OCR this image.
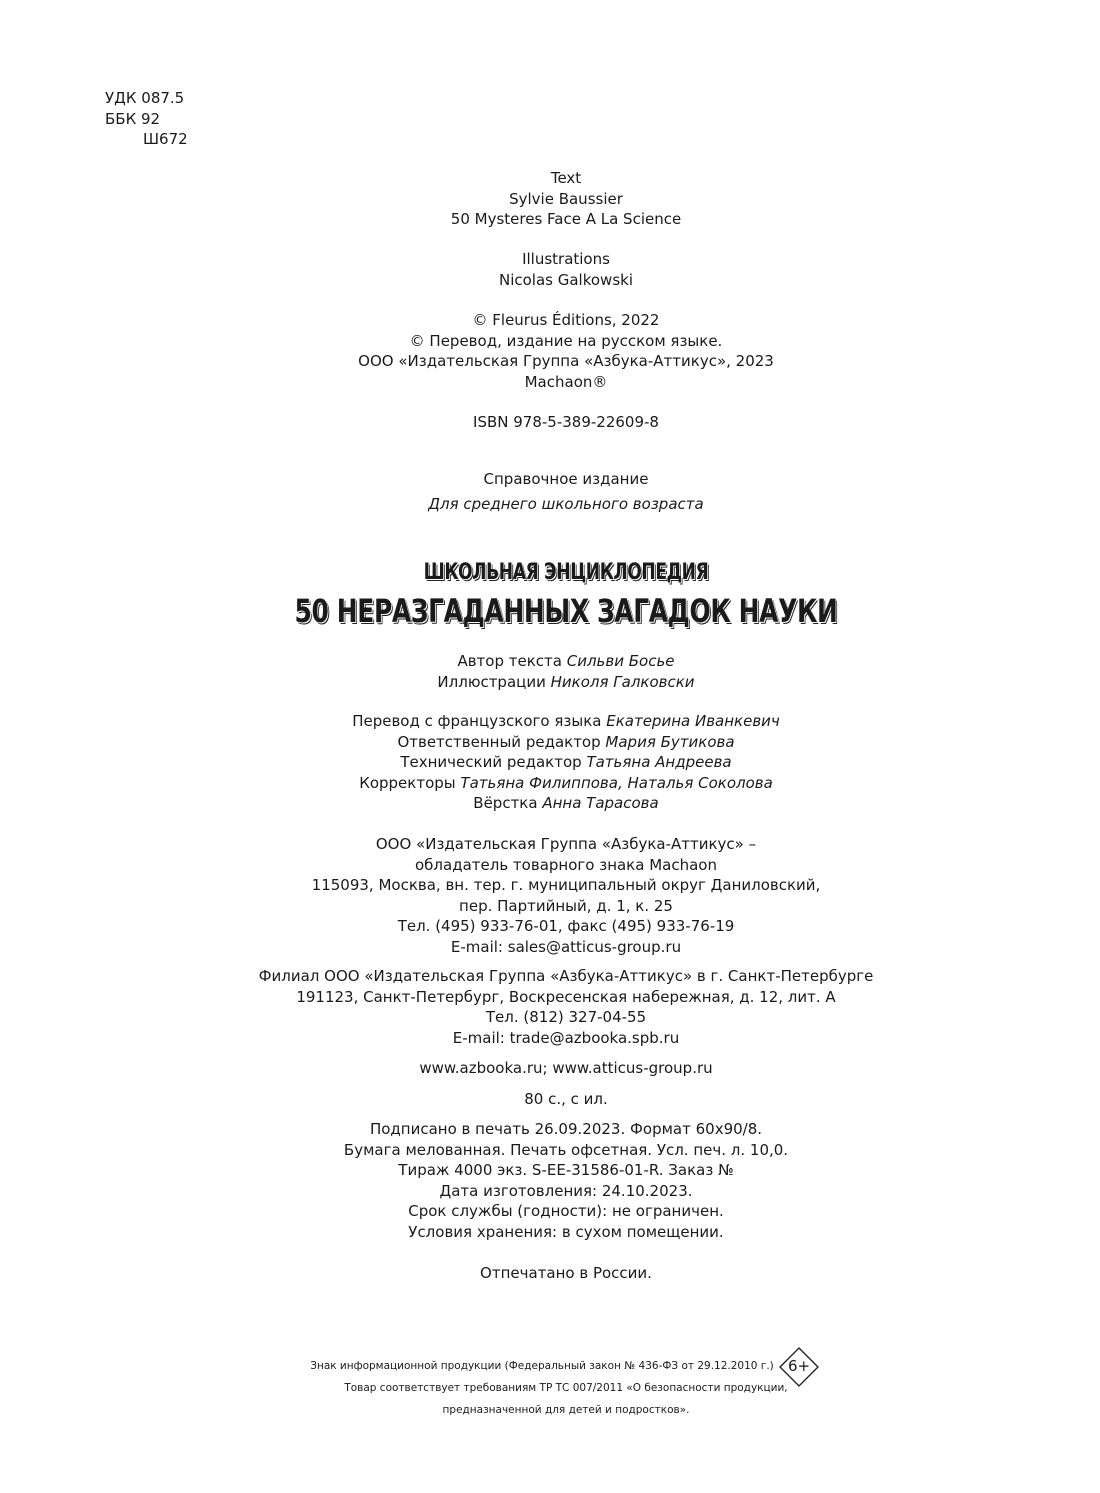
УДК 087.5
ББК 92
Ш672
Text
Sylvie Baussier
50 Mysteres Face A La Science
Illustrations
Nicolas Galkowski
© Fleurus Éditions, 2022
© Перевод, издание на русском языке.
ООО «Издательская Группа «Азбука-Аттикус», 2023
Machaon®
ISBN 978-5-389-22609-8
Справочное издание
Для среднего школьного возраста
ШКОЛЬНАЯ ЭНЦИКЛОПЕДИЯ
50 НЕРАЗГАДАННЫХ ЗАГАДОК НАУКИ
Автор текста Сильви Босье
Иллюстрации Николя Галковски
Перевод с французского языка Екатерина Иванкевич
Ответственный редактор Мария Бутикова
Технический редактор Татьяна Андреева
Корректоры Татьяна Филиппова, Наталья Соколова
Вёрстка Анна Тарасова
ООО «Издательская Группа «Азбука-Аттикус» –
обладатель товарного знака Machaon
115093, Москва, вн. тер. г. муниципальный округ Даниловский,
пер. Партийный, д. 1, к. 25
Тел. (495) 933-76-01, факс (495) 933-76-19
E-mail: sales@atticus-group.ru
Филиал ООО «Издательская Группа «Азбука-Аттикус» в г. Санкт-Петербурге
191123, Санкт-Петербург, Воскресенская набережная, д. 12, лит. А
Тел. (812) 327-04-55
E-mail: trade@azbooka.spb.ru
www.azbooka.ru; www.atticus-group.ru
80 с., с ил.
Подписано в печать 26.09.2023. Формат 60x90/8.
Бумага мелованная. Печать офсетная. Усл. печ. л. 10,0.
Тираж 4000 экз. S-EE-31586-01-R. Заказ №
Дата изготовления: 24.10.2023.
Срок службы (годности): не ограничен.
Условия хранения: в сухом помещении.
Отпечатано в России.
Знак информационной продукции (Федеральный закон № 436-ФЗ от 29.12.2010 г.)
Товар соответствует требованиям ТР ТС 007/2011 «О безопасности продукции,
предназначенной для детей и подростков».
6+
